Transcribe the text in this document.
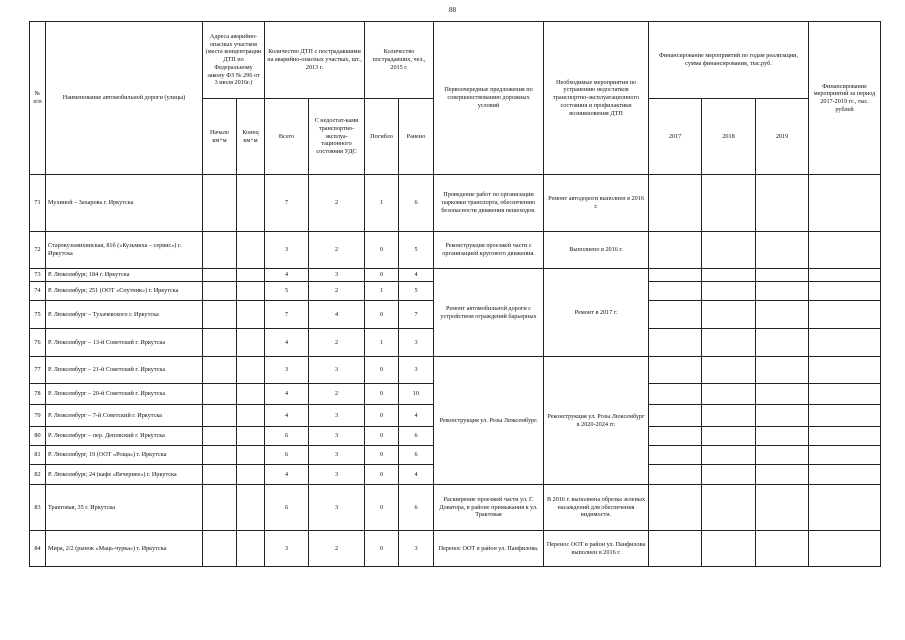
88
№ п/п	Наименование автомобильной дороги (улицы)	Адреса аварийно-опасных участков (места концентрации ДТП по Федеральному закону ФЗ № 296 от 3 июля 2016г.)		Количество ДТП с пострадавшими на аварийно-опасных участках, шт., 2013 г.		Количество пострадавших, чел., 2015 г.		Первоочередные предложения по совершенствованию дорожных условий	Необходимые мероприятия по устранению недостатков транспортно-эксплуатационного состояния и профилактики возникновения ДТП	Финансирование мероприятий по годам реализации, сумма финансирования, тыс.руб.			Финансирование мероприятий за период 2017-2019 гг., тыс. рублей
		Начало км+м	Конец км+м	Всего	С недостат-ками транспортно-эксплуа-тационного состояния УДС	Погибло	Ранено			2017	2018	2019	
71	Мухиной – Захарова г. Иркутска			7	2	1	6	Проведение работ по организации парковки транспорта, обеспечению безопасности движения пешеходов.	Ремонт автодороги выполнен в 2016 г.				
72	Старокузьмихинская, 81б («Кузьмиха – сервис») г. Иркутска			3	2	0	5	Реконструкция проезжей части с организацией кругового движения.	Выполнено в 2016 г.				
73	Р. Люксембург, 184 г. Иркутска			4	3	0	4	Ремонт автомобильной дороги с устройством ограждений барьерных	Ремонт в 2017 г.				
74	Р. Люксембург, 251 (ООТ «Спутник») г. Иркутска			5	2	1	5						
75	Р. Люксембург – Тухачевского г. Иркутска			7	4	0	7						
76	Р. Люксембург – 13-й Советский г. Иркутска			4	2	1	3						
77	Р. Люксембург – 21-й Советский г. Иркутска			3	3	0	3	Реконструкция ул. Розы Люксембург.	Реконструкция ул. Розы Люксембург в 2020-2024 гг.				
78	Р. Люксембург – 20-й Советский г. Иркутска			4	2	0	10						
79	Р. Люксембург – 7-й Советский г. Иркутска			4	3	0	4						
80	Р. Люксембург – пер. Деповский г. Иркутска			6	3	0	6						
81	Р. Люксембург, 19 (ООТ «Роща») г. Иркутска			6	3	0	6						
82	Р. Люксембург, 24 (кафе «Вечернее») г. Иркутска			4	3	0	4						
83	Трактовая, 35 г. Иркутска			6	3	0	6	Расширение проезжей части ул. Г. Доватора, в районе примыкания к ул. Трактовая	В 2016 г. выполнена обрезка зеленых насаждений для обеспечения видимости.				
84	Мира, 2/2 (рынок «Маць-чурка») г. Иркутска			3	2	0	3	Перенос ООТ в район ул. Панфилова.	Перенос ООТ в район ул. Панфилова выполнен в 2016 г.				
